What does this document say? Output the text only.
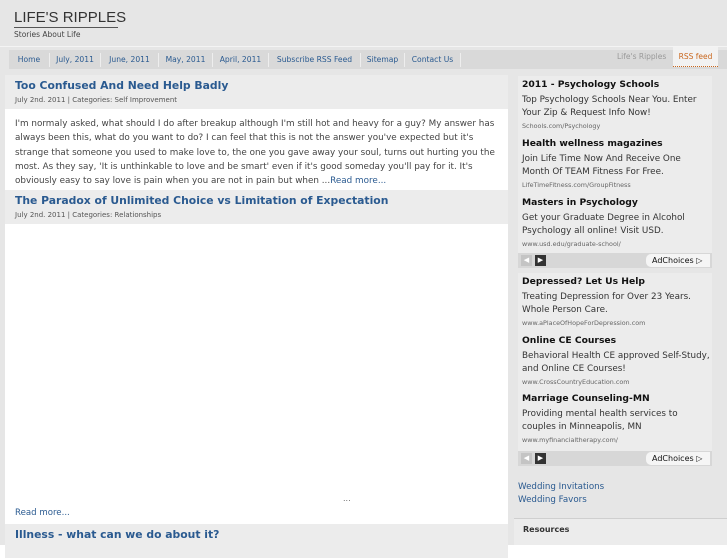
LIFE'S RIPPLES
Stories About Life
Home	July, 2011	June, 2011	May, 2011	April, 2011	Subscribe RSS Feed	Sitemap	Contact Us	Life's Ripples	RSS feed
Too Confused And Need Help Badly
July 2nd. 2011 | Categories: Self Improvement

I'm normaly asked, what should I do after breakup although I'm still hot and heavy for a guy? My answer has always been this, what do you want to do? I can feel that this is not the answer you've expected but it's strange that someone you used to make love to, the one you gave away your soul, turns out hurting you the most. As they say, 'It is unthinkable to love and be smart' even if it's good someday you'll pay for it. It's obviously easy to say love is pain when you are not in pain but when ...Read more...

The Paradox of Unlimited Choice vs Limitation of Expectation
July 2nd. 2011 | Categories: Relationships
...
Read more...
Illness - what can we do about it?
2011 - Psychology Schools
Top Psychology Schools Near You. Enter Your Zip & Request Info Now!
Schools.com/Psychology
Health wellness magazines
Join Life Time Now And Receive One Month Of TEAM Fitness For Free.
LifeTimeFitness.com/GroupFitness
Masters in Psychology
Get your Graduate Degree in Alcohol Psychology all online! Visit USD.
www.usd.edu/graduate-school/
◀	▶	AdChoices ▷
Depressed? Let Us Help
Treating Depression for Over 23 Years. Whole Person Care.
www.aPlaceOfHopeForDepression.com
Online CE Courses
Behavioral Health CE approved Self-Study, and Online CE Courses!
www.CrossCountryEducation.com
Marriage Counseling-MN
Providing mental health services to couples in Minneapolis, MN
www.myfinancialtherapy.com/
◀	▶	AdChoices ▷
Wedding Invitations
Wedding Favors
Resources
